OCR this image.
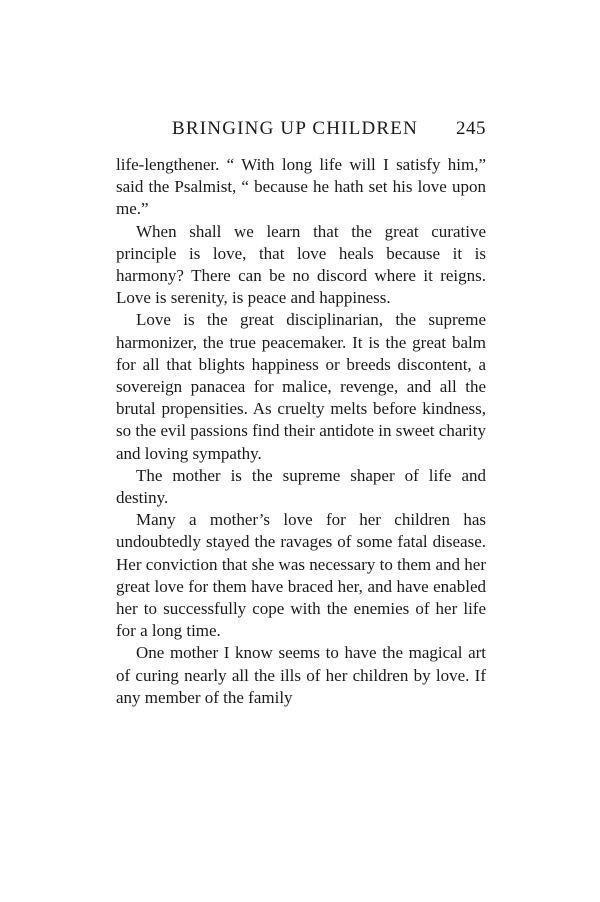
BRINGING UP CHILDREN 245

life-lengthener. “ With long life will I satisfy him,” said the Psalmist, “ because he hath set his love upon me.”

When shall we learn that the great curative principle is love, that love heals because it is harmony? There can be no discord where it reigns. Love is serenity, is peace and happiness.

Love is the great disciplinarian, the supreme harmonizer, the true peacemaker. It is the great balm for all that blights happiness or breeds discontent, a sovereign panacea for malice, revenge, and all the brutal propensities. As cruelty melts before kindness, so the evil passions find their antidote in sweet charity and loving sympathy.

The mother is the supreme shaper of life and destiny.

Many a mother’s love for her children has undoubtedly stayed the ravages of some fatal disease. Her conviction that she was necessary to them and her great love for them have braced her, and have enabled her to successfully cope with the enemies of her life for a long time.

One mother I know seems to have the magical art of curing nearly all the ills of her children by love. If any member of the family
